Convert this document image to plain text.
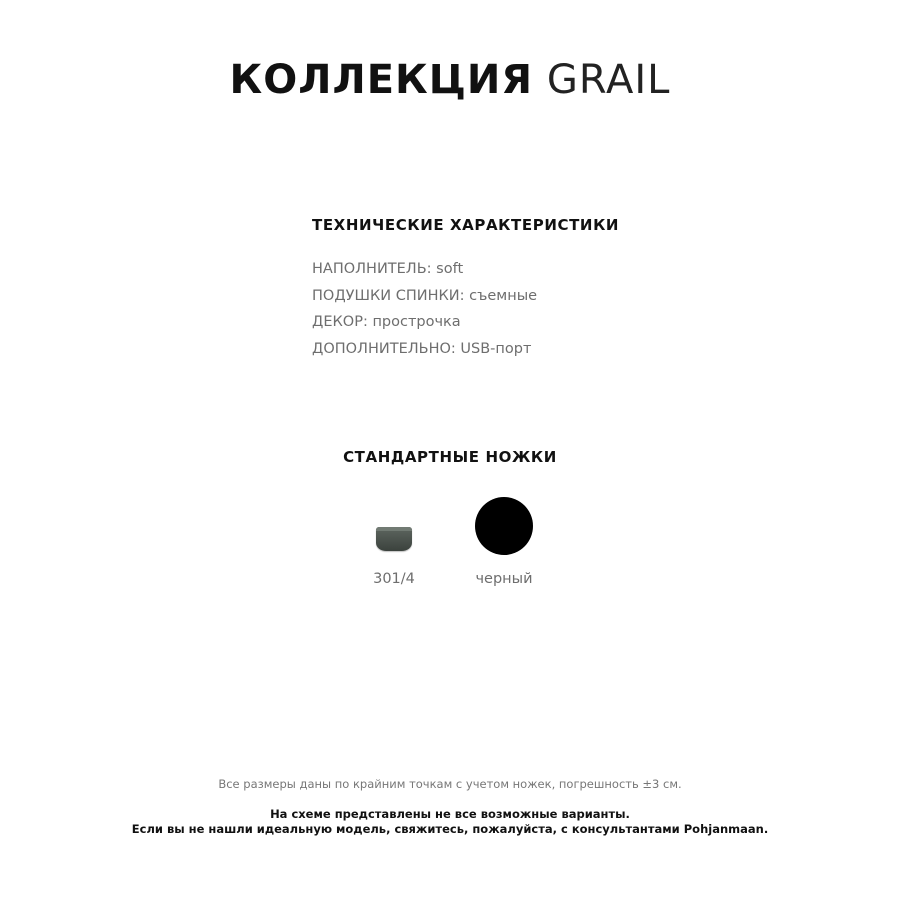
КОЛЛЕКЦИЯ GRAIL
ТЕХНИЧЕСКИЕ ХАРАКТЕРИСТИКИ
НАПОЛНИТЕЛЬ: soft
ПОДУШКИ СПИНКИ: съемные
ДЕКОР: прострочка
ДОПОЛНИТЕЛЬНО: USB-порт
СТАНДАРТНЫЕ НОЖКИ
301/4	черный
Все размеры даны по крайним точкам с учетом ножек, погрешность ±3 см.
На схеме представлены не все возможные варианты.
Если вы не нашли идеальную модель, свяжитесь, пожалуйста, с консультантами Pohjanmaan.
